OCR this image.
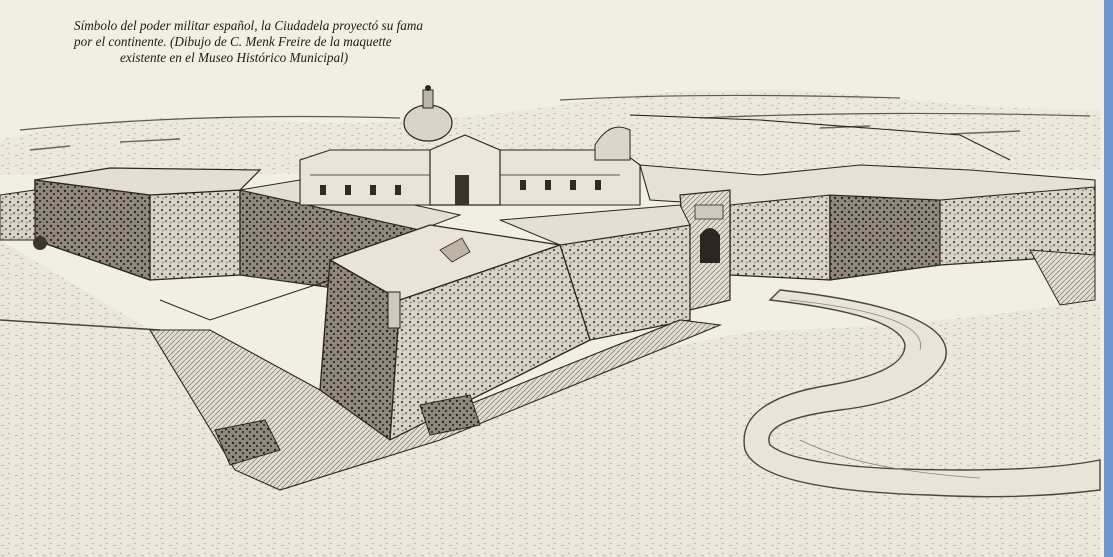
Símbolo del poder militar español, la Ciudadela proyectó su fama
por el continente. (Dibujo de C. Menk Freire de la maquette
existente en el Museo Histórico Municipal)
